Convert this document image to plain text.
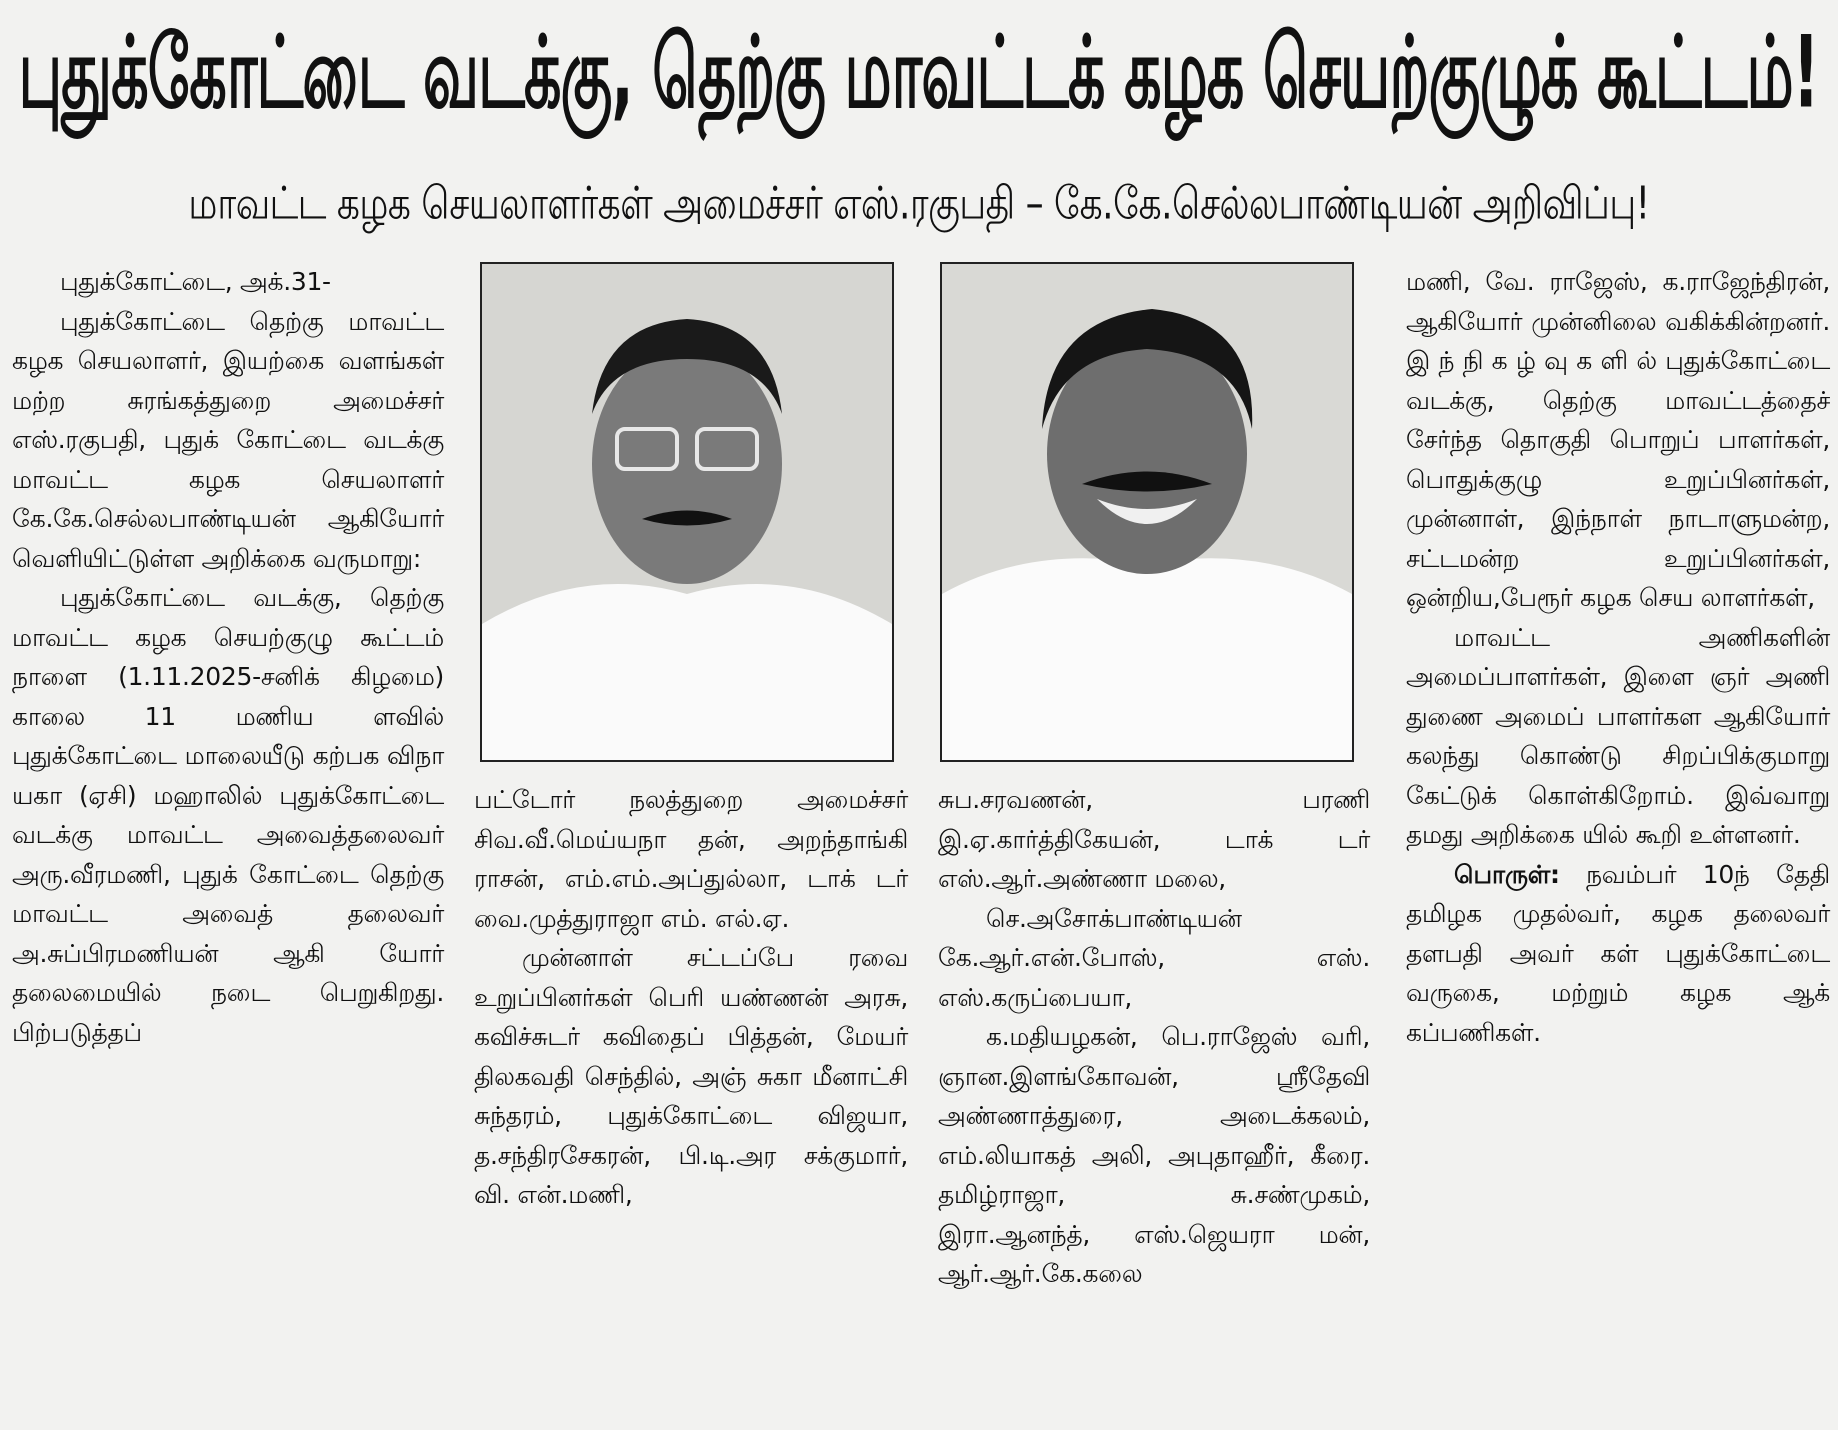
புதுக்கோட்டை வடக்கு, தெற்கு மாவட்டக் கழக செயற்குழுக் கூட்டம்!
மாவட்ட கழக செயலாளர்கள் அமைச்சர் எஸ்.ரகுபதி – கே.கே.செல்லபாண்டியன் அறிவிப்பு!

புதுக்கோட்டை, அக்.31-

புதுக்கோட்டை தெற்கு மாவட்ட கழக செயலாளர், இயற்கை வளங்கள் மற்ற சுரங்கத்துறை அமைச்சர் எஸ்.ரகுபதி, புதுக் கோட்டை வடக்கு மாவட்ட கழக செயலாளர் கே.கே.செல்லபாண்டியன் ஆகியோர் வெளியிட்டுள்ள அறிக்கை வருமாறு:

புதுக்கோட்டை வடக்கு, தெற்கு மாவட்ட கழக செயற்குழு கூட்டம் நாளை (1.11.2025-சனிக் கிழமை) காலை 11 மணிய ளவில் புதுக்கோட்டை மாலையீடு கற்பக விநா யகா (ஏசி) மஹாலில் புதுக்கோட்டை வடக்கு மாவட்ட அவைத்தலைவர் அரு.வீரமணி, புதுக் கோட்டை தெற்கு மாவட்ட அவைத் தலைவர் அ.சுப்பிரமணியன் ஆகி யோர் தலைமையில் நடை பெறுகிறது. பிற்படுத்தப்

பட்டோர் நலத்துறை அமைச்சர் சிவ.வீ.மெய்யநா தன், அறந்தாங்கி ராசன், எம்.எம்.அப்துல்லா, டாக் டர் வை.முத்துராஜா எம். எல்.ஏ.

முன்னாள் சட்டப்பே ரவை உறுப்பினர்கள் பெரி யண்ணன் அரசு, கவிச்சுடர் கவிதைப் பித்தன், மேயர் திலகவதி செந்தில், அஞ் சுகா மீனாட்சி சுந்தரம், புதுக்கோட்டை விஜயா, த.சந்திரசேகரன், பி.டி.அர சக்குமார், வி. என்.மணி,

சுப.சரவணன், பரணி இ.ஏ.கார்த்திகேயன், டாக் டர் எஸ்.ஆர்.அண்ணா மலை,

செ.அசோக்பாண்டியன் கே.ஆர்.என்.போஸ், எஸ். எஸ்.கருப்பையா,

க.மதியழகன், பெ.ராஜேஸ் வரி, ஞான.இளங்கோவன், ஸ்ரீதேவி அண்ணாத்துரை, அடைக்கலம், எம்.லியாகத் அலி, அபுதாஹீர், கீரை. தமிழ்ராஜா, சு.சண்முகம், இரா.ஆனந்த், எஸ்.ஜெயரா மன், ஆர்.ஆர்.கே.கலை

மணி, வே. ராஜேஸ், க.ராஜேந்திரன், ஆகியோர் முன்னிலை வகிக்கின்றனர். இ ந் நி க ழ் வு க ளி ல் புதுக்கோட்டை வடக்கு, தெற்கு மாவட்டத்தைச் சேர்ந்த தொகுதி பொறுப் பாளர்கள், பொதுக்குழு உறுப்பினர்கள், முன்னாள், இந்நாள் நாடாளுமன்ற, சட்டமன்ற உறுப்பினர்கள், ஒன்றிய,பேரூர் கழக செய லாளர்கள்,

மாவட்ட அணிகளின் அமைப்பாளர்கள், இளை ஞர் அணி துணை அமைப் பாளர்கள ஆகியோர் கலந்து கொண்டு சிறப்பிக்குமாறு கேட்டுக் கொள்கிறோம். இவ்வாறு தமது அறிக்கை யில் கூறி உள்ளனர்.

பொருள்: நவம்பர் 10ந் தேதி தமிழக முதல்வர், கழக தலைவர் தளபதி அவர் கள் புதுக்கோட்டை வருகை, மற்றும் கழக ஆக் கப்பணிகள்.
